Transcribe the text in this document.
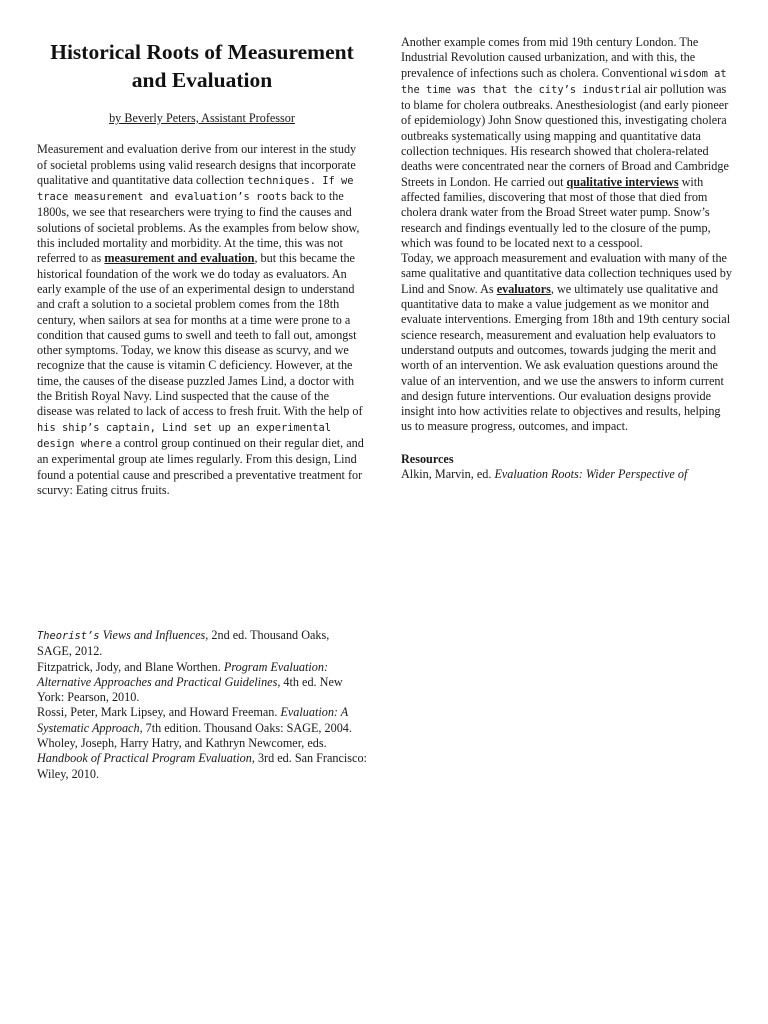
Historical Roots of Measurement and Evaluation

by Beverly Peters, Assistant Professor

Measurement and evaluation derive from our interest in the study of societal problems using valid research designs that incorporate qualitative and quantitative data collection techniques. If we trace measurement and evaluation’s roots back to the 1800s, we see that researchers were trying to find the causes and solutions of societal problems. As the examples from below show, this included mortality and morbidity. At the time, this was not referred to as measurement and evaluation, but this became the historical foundation of the work we do today as evaluators. An early example of the use of an experimental design to understand and craft a solution to a societal problem comes from the 18th century, when sailors at sea for months at a time were prone to a condition that caused gums to swell and teeth to fall out, amongst other symptoms. Today, we know this disease as scurvy, and we recognize that the cause is vitamin C deficiency. However, at the time, the causes of the disease puzzled James Lind, a doctor with the British Royal Navy. Lind suspected that the cause of the disease was related to lack of access to fresh fruit. With the help of his ship’s captain, Lind set up an experimental design where a control group continued on their regular diet, and an experimental group ate limes regularly. From this design, Lind found a potential cause and prescribed a preventative treatment for scurvy: Eating citrus fruits.

Another example comes from mid 19th century London. The Industrial Revolution caused urbanization, and with this, the prevalence of infections such as cholera. Conventional wisdom at the time was that the city’s industrial air pollution was to blame for cholera outbreaks. Anesthesiologist (and early pioneer of epidemiology) John Snow questioned this, investigating cholera outbreaks systematically using mapping and quantitative data collection techniques. His research showed that cholera-related deaths were concentrated near the corners of Broad and Cambridge Streets in London. He carried out qualitative interviews with affected families, discovering that most of those that died from cholera drank water from the Broad Street water pump. Snow’s research and findings eventually led to the closure of the pump, which was found to be located next to a cesspool.

Today, we approach measurement and evaluation with many of the same qualitative and quantitative data collection techniques used by Lind and Snow. As evaluators, we ultimately use qualitative and quantitative data to make a value judgement as we monitor and evaluate interventions. Emerging from 18th and 19th century social science research, measurement and evaluation help evaluators to understand outputs and outcomes, towards judging the merit and worth of an intervention. We ask evaluation questions around the value of an intervention, and we use the answers to inform current and design future interventions. Our evaluation designs provide insight into how activities relate to objectives and results, helping us to measure progress, outcomes, and impact.

Resources

Alkin, Marvin, ed. Evaluation Roots: Wider Perspective of

Theorist’s Views and Influences, 2nd ed. Thousand Oaks, SAGE, 2012.

Fitzpatrick, Jody, and Blane Worthen. Program Evaluation: Alternative Approaches and Practical Guidelines, 4th ed. New York: Pearson, 2010.

Rossi, Peter, Mark Lipsey, and Howard Freeman. Evaluation: A Systematic Approach, 7th edition. Thousand Oaks: SAGE, 2004.

Wholey, Joseph, Harry Hatry, and Kathryn Newcomer, eds. Handbook of Practical Program Evaluation, 3rd ed. San Francisco: Wiley, 2010.
